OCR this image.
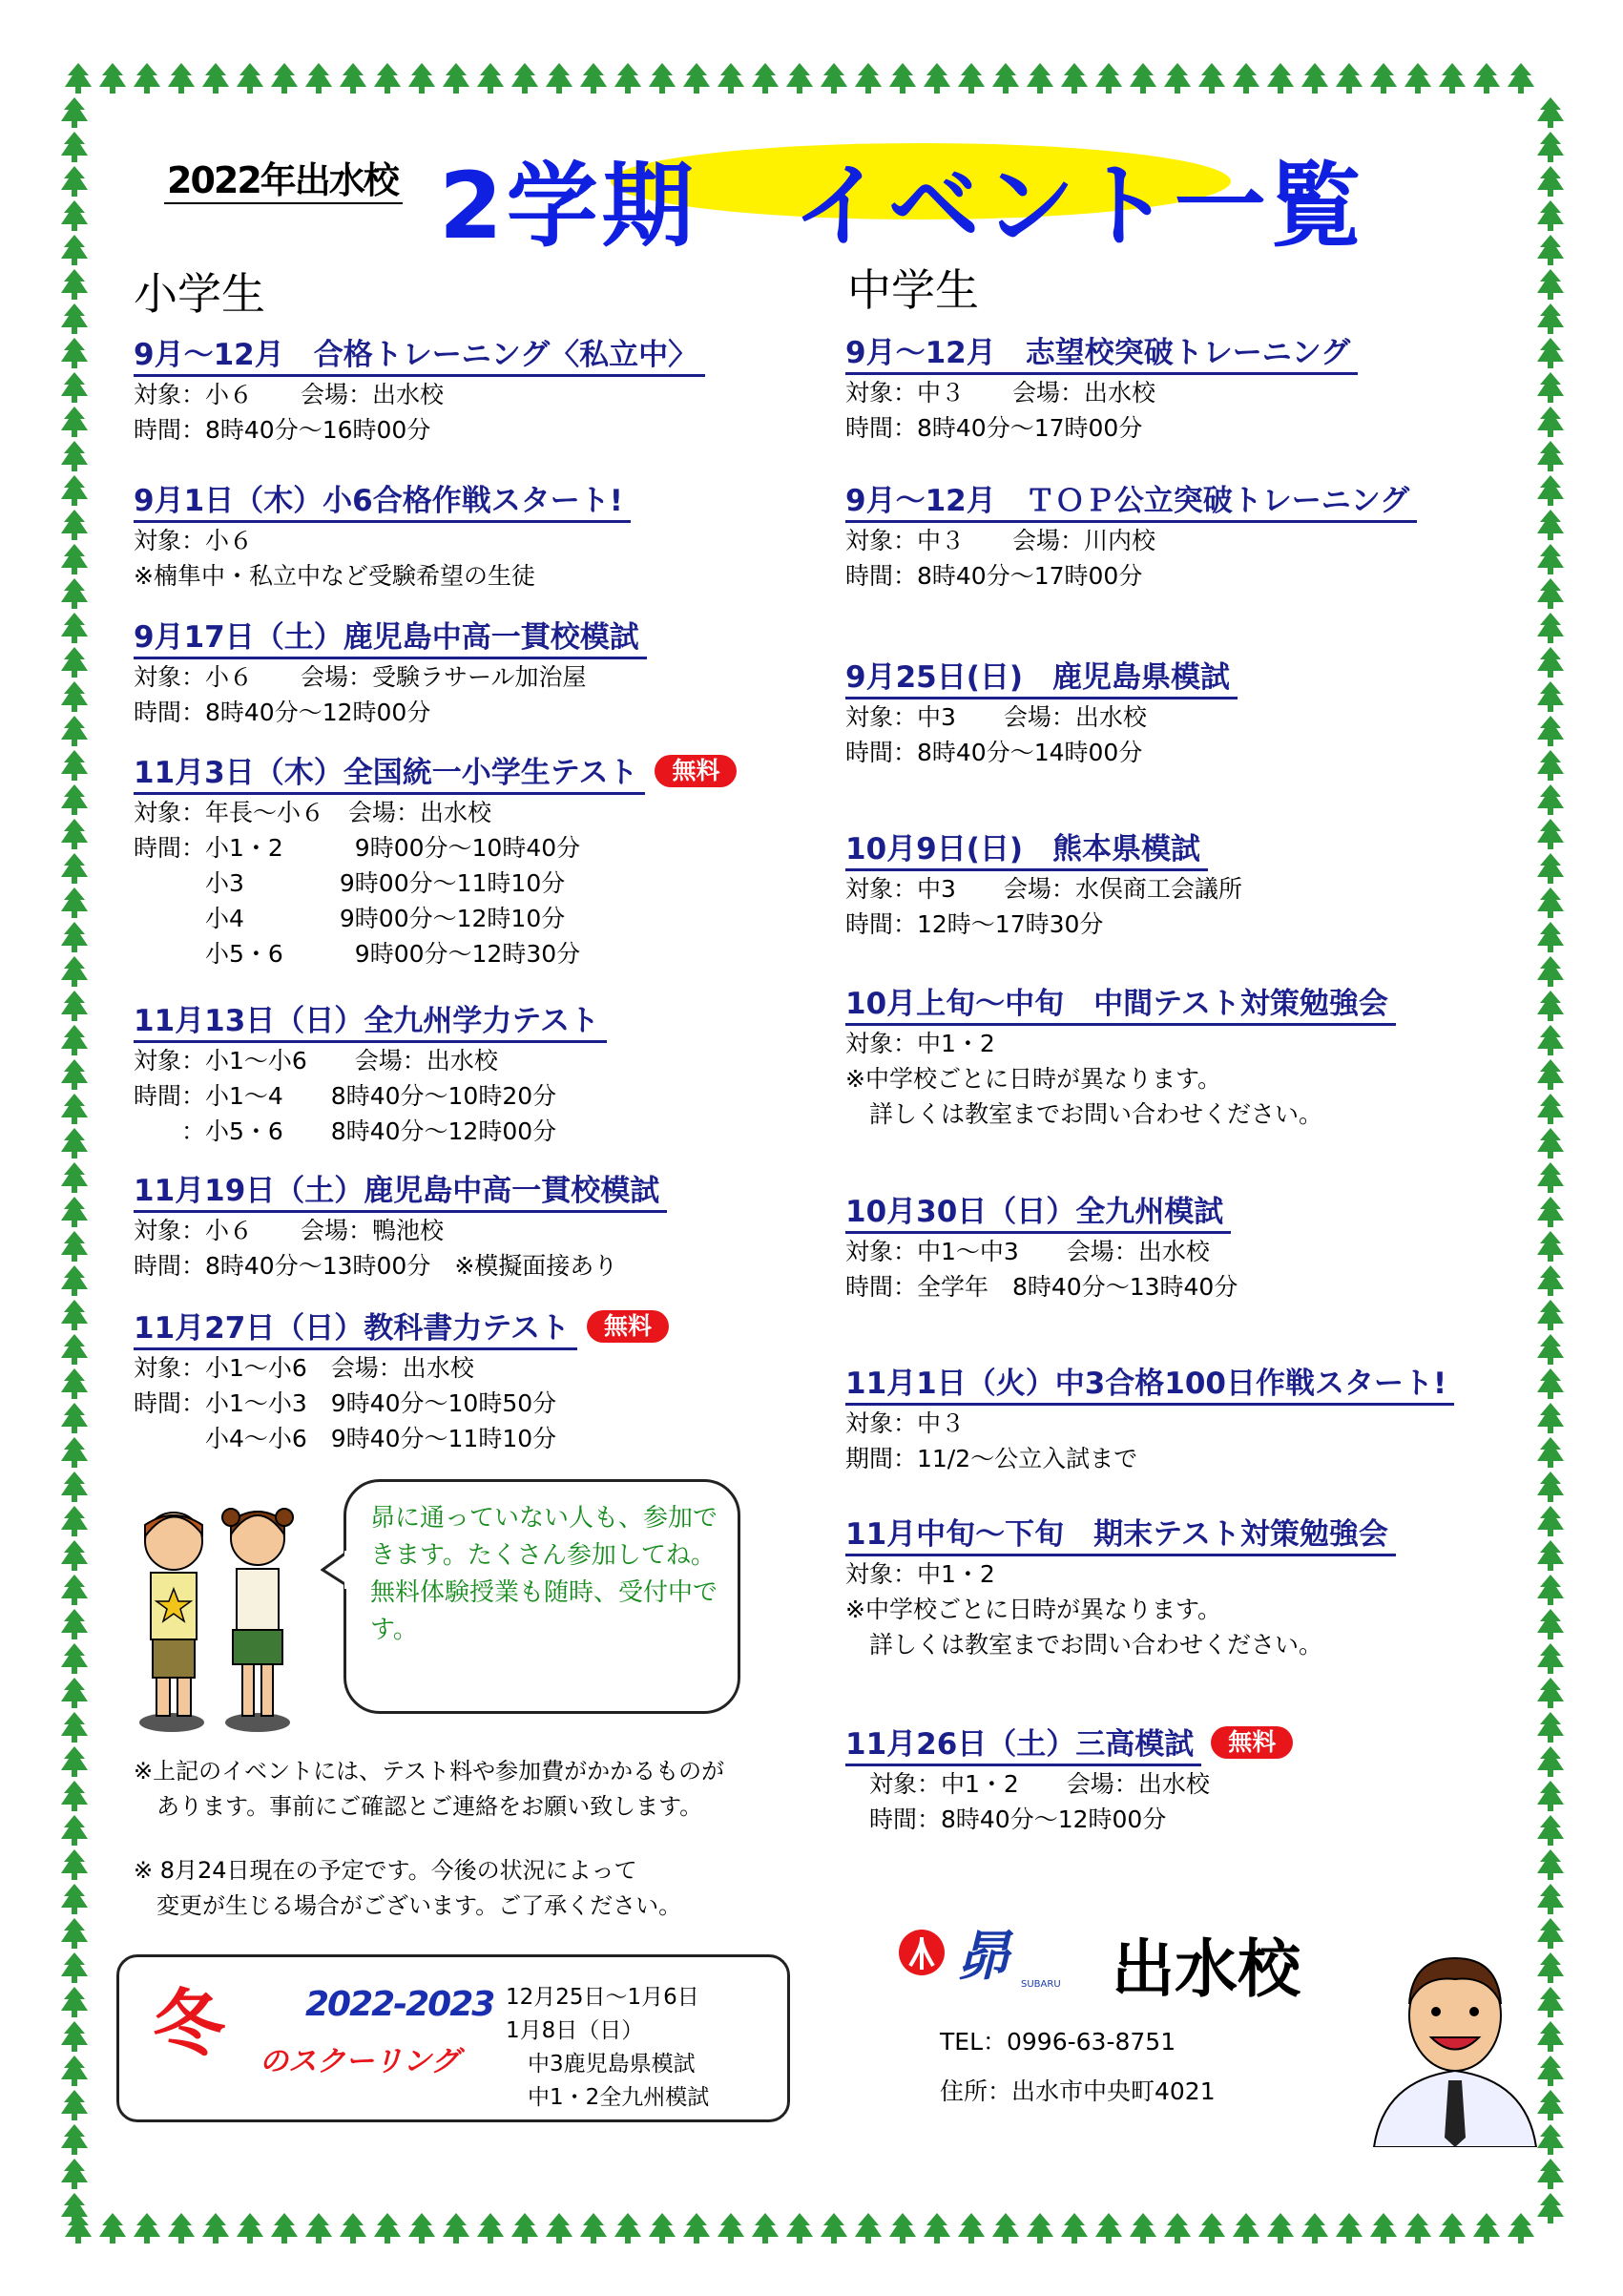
2022年出水校 2学期　イベント一覧
小学生	中学生
9月～12月　合格トレーニング〈私立中〉
対象：小６　　会場：出水校
時間：8時40分～16時00分
9月1日（木）小6合格作戦スタート!
対象：小６
※楠隼中・私立中など受験希望の生徒
9月17日（土）鹿児島中高一貫校模試
対象：小６　　会場：受験ラサール加治屋
時間：8時40分～12時00分
11月3日（木）全国統一小学生テスト 無料
対象：年長～小６　会場：出水校
時間：小1・2　　　9時00分～10時40分
　　　小3　　　　9時00分～11時10分
　　　小4　　　　9時00分～12時10分
　　　小5・6　　　9時00分～12時30分
11月13日（日）全九州学力テスト
対象：小1～小6　　会場：出水校
時間：小1～4　　8時40分～10時20分
　　：小5・6　　8時40分～12時00分
11月19日（土）鹿児島中高一貫校模試
対象：小６　　会場：鴨池校
時間：8時40分～13時00分　※模擬面接あり
11月27日（日）教科書力テスト 無料
対象：小1～小6　会場：出水校
時間：小1～小3　9時40分～10時50分
　　　小4～小6　9時40分～11時10分
9月～12月　志望校突破トレーニング
対象：中３　　会場：出水校
時間：8時40分～17時00分
9月～12月　ＴＯＰ公立突破トレーニング
対象：中３　　会場：川内校
時間：8時40分～17時00分
9月25日(日)　鹿児島県模試
対象：中3　　会場：出水校
時間：8時40分～14時00分
10月9日(日)　熊本県模試
対象：中3　　会場：水俣商工会議所
時間：12時～17時30分
10月上旬～中旬　中間テスト対策勉強会
対象：中1・2
※中学校ごとに日時が異なります。
　詳しくは教室までお問い合わせください。
10月30日（日）全九州模試
対象：中1～中3　　会場：出水校
時間：全学年　8時40分～13時40分
11月1日（火）中3合格100日作戦スタート!
対象：中３
期間：11/2～公立入試まで
11月中旬～下旬　期末テスト対策勉強会
対象：中1・2
※中学校ごとに日時が異なります。
　詳しくは教室までお問い合わせください。
11月26日（土）三高模試 無料
　対象：中1・2　　会場：出水校
　時間：8時40分～12時00分
昴に通っていない人も、参加できます。たくさん参加してね。
無料体験授業も随時、受付中です。
※上記のイベントには、テスト料や参加費がかかるものが
　あります。事前にご確認とご連絡をお願い致します。
※ 8月24日現在の予定です。今後の状況によって
　変更が生じる場合がございます。ご了承ください。
冬 2022-2023
のスクーリング
12月25日～1月6日
1月8日（日）
　中3鹿児島県模試
　中1・2全九州模試
昴 SUBARU 出水校
TEL：0996-63-8751
住所：出水市中央町4021
